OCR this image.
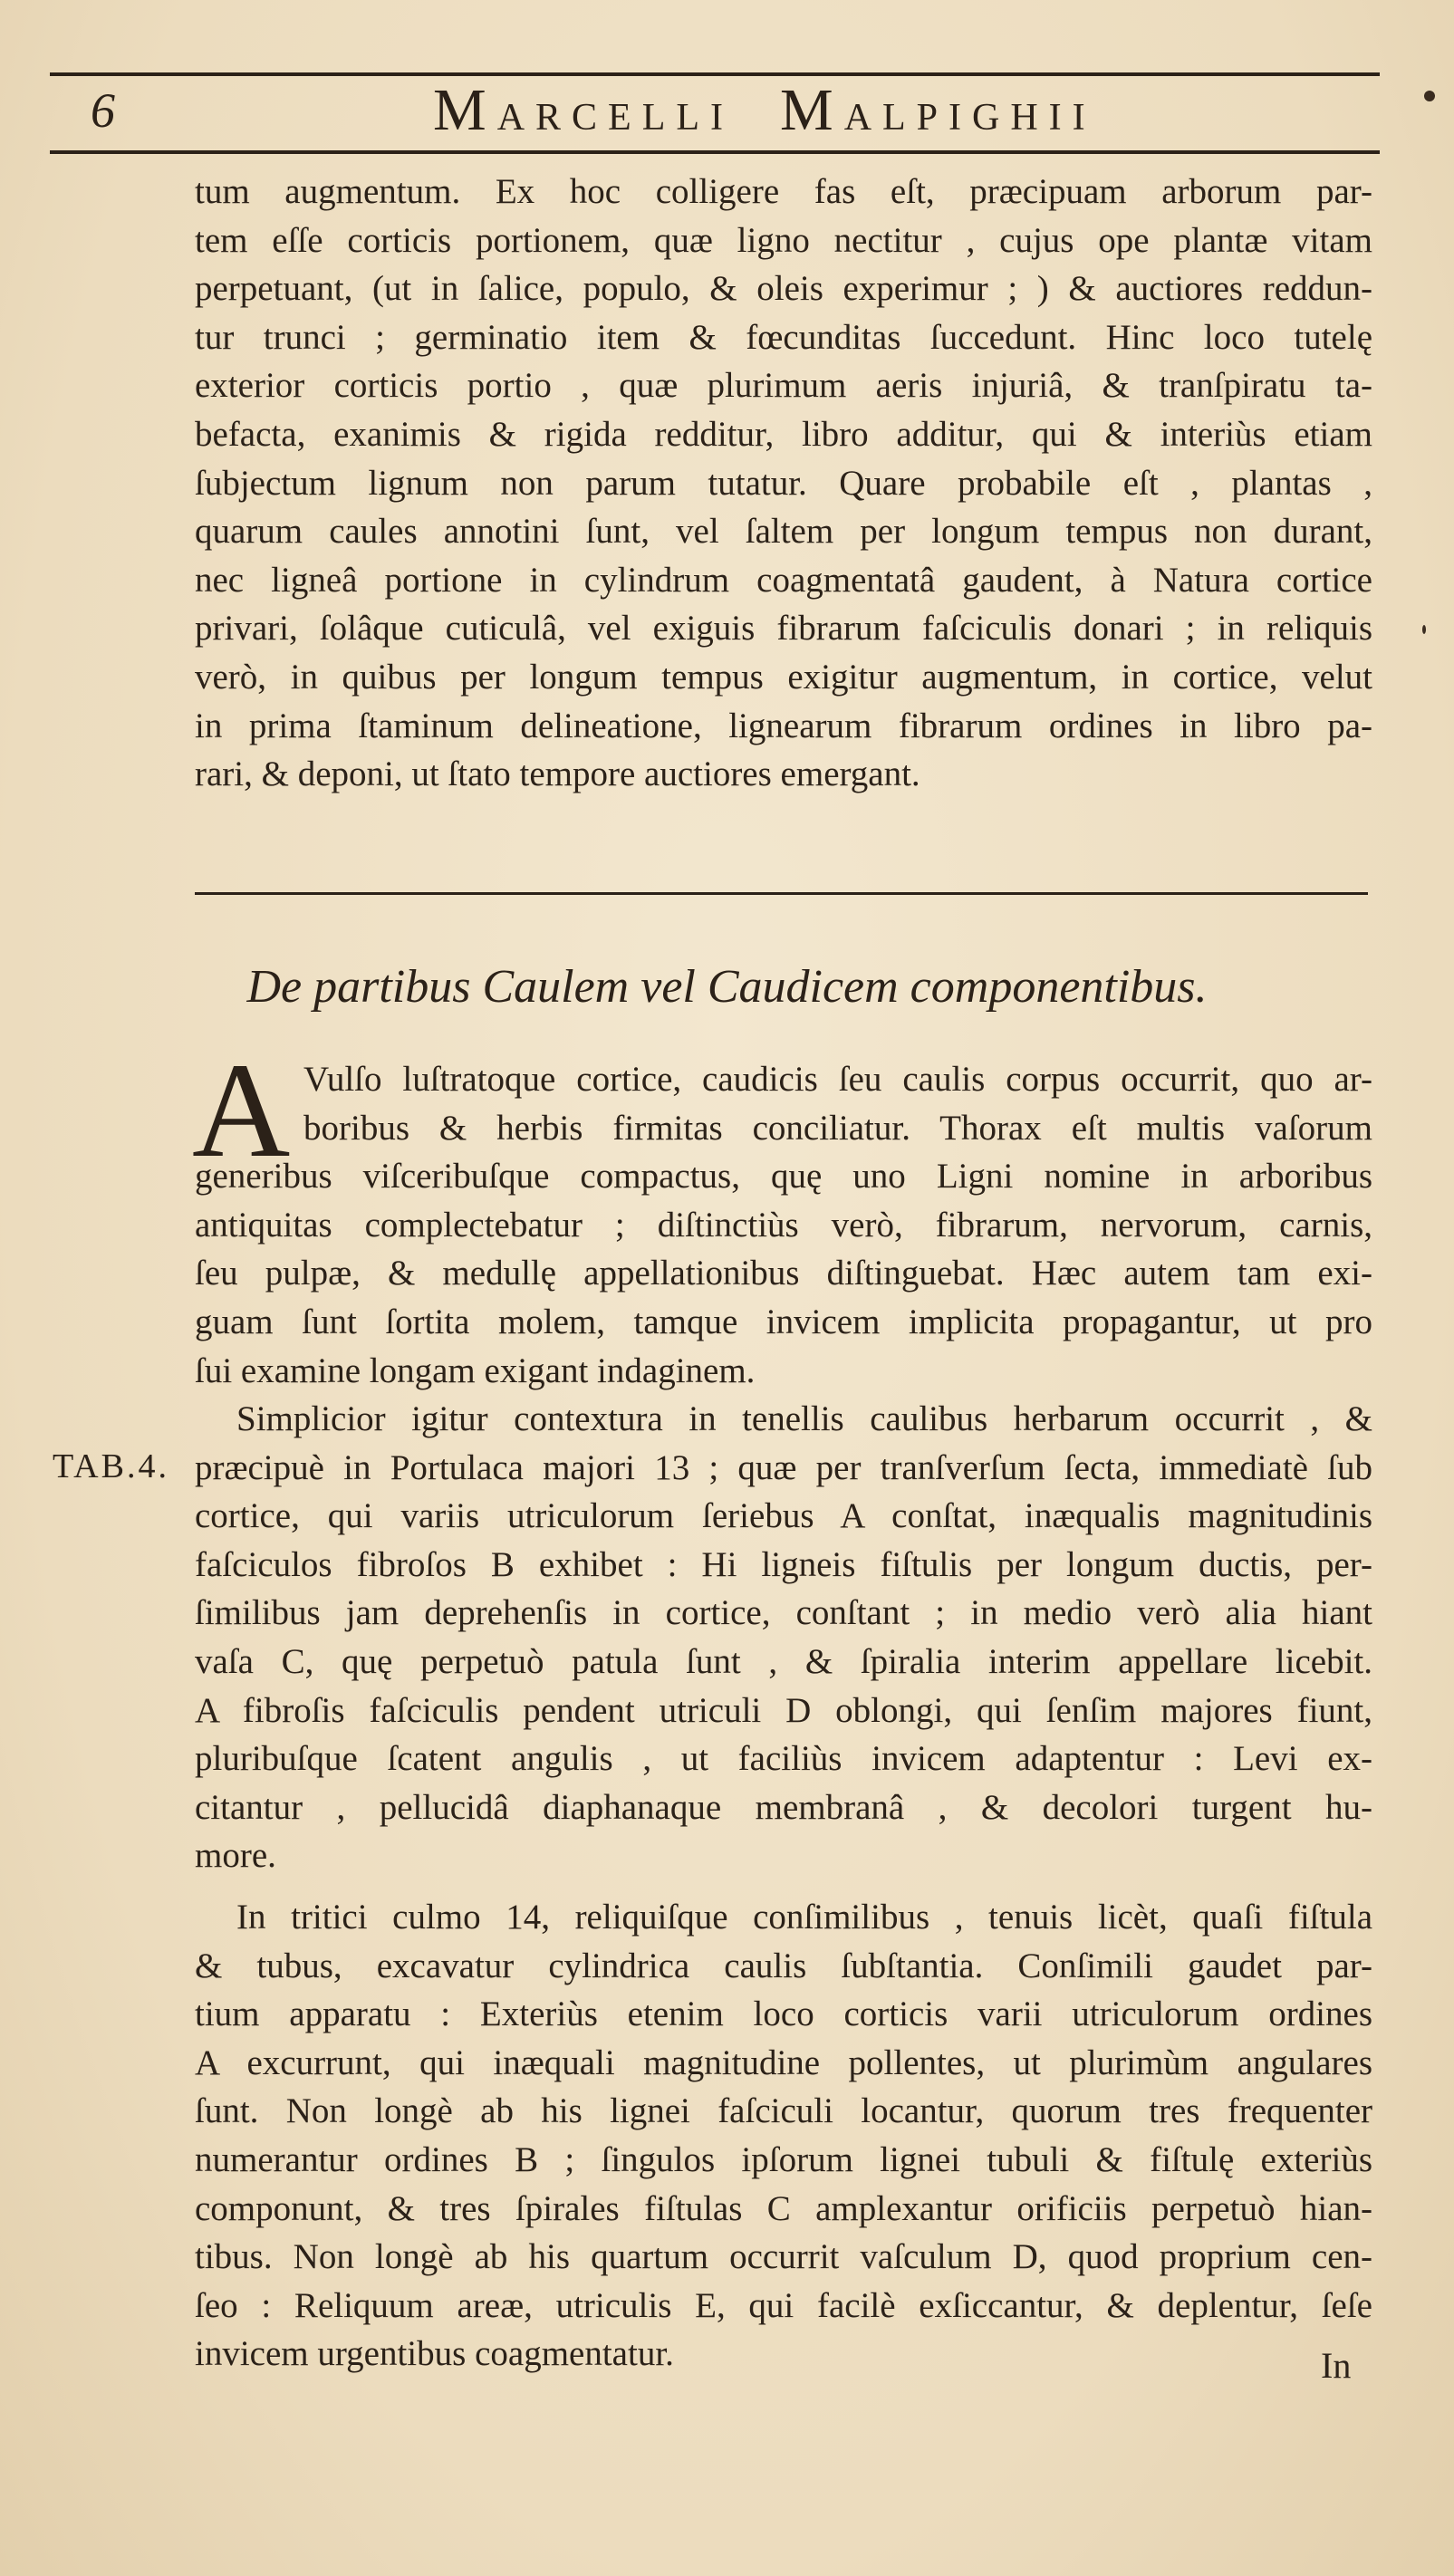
6	MARCELLI MALPIGHII
tum augmentum. Ex hoc colligere fas eſt, præcipuam arborum par-
tem eſſe corticis portionem, quæ ligno nectitur , cujus ope plantæ vitam
perpetuant, (ut in ſalice, populo, & oleis experimur ; ) & auctiores reddun-
tur trunci ; germinatio item & fœcunditas ſuccedunt. Hinc loco tutelę
exterior corticis portio , quæ plurimum aeris injuriâ, & tranſpiratu ta-
befacta, exanimis & rigida redditur, libro additur, qui & interiùs etiam
ſubjectum lignum non parum tutatur. Quare probabile eſt , plantas ,
quarum caules annotini ſunt, vel ſaltem per longum tempus non durant,
nec ligneâ portione in cylindrum coagmentatâ gaudent, à Natura cortice
privari, ſolâque cuticulâ, vel exiguis fibrarum faſciculis donari ; in reliquis
verò, in quibus per longum tempus exigitur augmentum, in cortice, velut
in prima ſtaminum delineatione, lignearum fibrarum ordines in libro pa-
rari, & deponi, ut ſtato tempore auctiores emergant.
De partibus Caulem vel Caudicem componentibus.
A Vulſo luſtratoque cortice, caudicis ſeu caulis corpus occurrit, quo ar-
boribus & herbis firmitas conciliatur. Thorax eſt multis vaſorum
generibus viſceribuſque compactus, quę uno Ligni nomine in arboribus
antiquitas complectebatur ; diſtinctiùs verò, fibrarum, nervorum, carnis,
ſeu pulpæ, & medullę appellationibus diſtinguebat. Hæc autem tam exi-
guam ſunt ſortita molem, tamque invicem implicita propagantur, ut pro
ſui examine longam exigant indaginem.
TAB.4.
Simplicior igitur contextura in tenellis caulibus herbarum occurrit , &
præcipuè in Portulaca majori 13 ; quæ per tranſverſum ſecta, immediatè ſub
cortice, qui variis utriculorum ſeriebus A conſtat, inæqualis magnitudinis
faſciculos fibroſos B exhibet : Hi ligneis fiſtulis per longum ductis, per-
ſimilibus jam deprehenſis in cortice, conſtant ; in medio verò alia hiant
vaſa C, quę perpetuò patula ſunt , & ſpiralia interim appellare licebit.
A fibroſis faſciculis pendent utriculi D oblongi, qui ſenſim majores fiunt,
pluribuſque ſcatent angulis , ut faciliùs invicem adaptentur : Levi ex-
citantur , pellucidâ diaphanaque membranâ , & decolori turgent hu-
more.
In tritici culmo 14, reliquiſque conſimilibus , tenuis licèt, quaſi fiſtula
& tubus, excavatur cylindrica caulis ſubſtantia. Conſimili gaudet par-
tium apparatu : Exteriùs etenim loco corticis varii utriculorum ordines
A excurrunt, qui inæquali magnitudine pollentes, ut plurimùm angulares
ſunt. Non longè ab his lignei faſciculi locantur, quorum tres frequenter
numerantur ordines B ; ſingulos ipſorum lignei tubuli & fiſtulę exteriùs
componunt, & tres ſpirales fiſtulas C amplexantur orificiis perpetuò hian-
tibus. Non longè ab his quartum occurrit vaſculum D, quod proprium cen-
ſeo : Reliquum areæ, utriculis E, qui facilè exſiccantur, & deplentur, ſeſe
invicem urgentibus coagmentatur.	In
